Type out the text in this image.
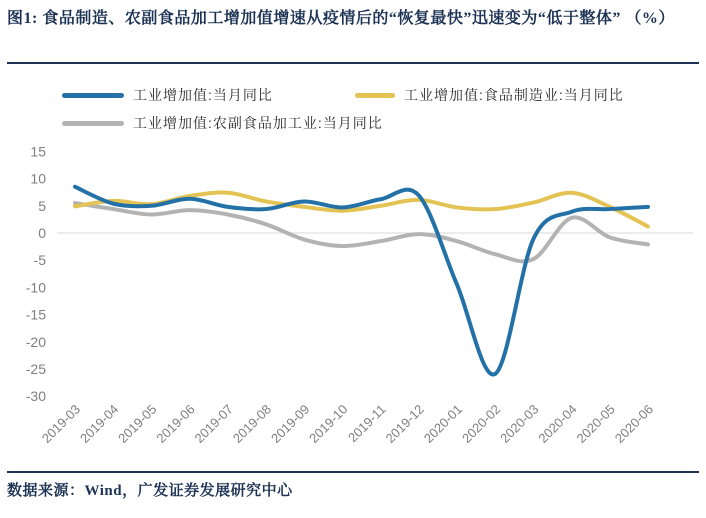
图1: 食品制造、农副食品加工增加值增速从疫情后的“恢复最快”迅速变为“低于整体” （%）
工业增加值:当月同比	工业增加值:食品制造业:当月同比
工业增加值:农副食品加工业:当月同比
15
10
5
0
-5
-10
-15
-20
-25
-30
2019-03
2019-04
2019-05
2019-06
2019-07
2019-08
2019-09
2019-10
2019-11
2019-12
2020-01
2020-02
2020-03
2020-04
2020-05
2020-06
数据来源：Wind，广发证券发展研究中心
